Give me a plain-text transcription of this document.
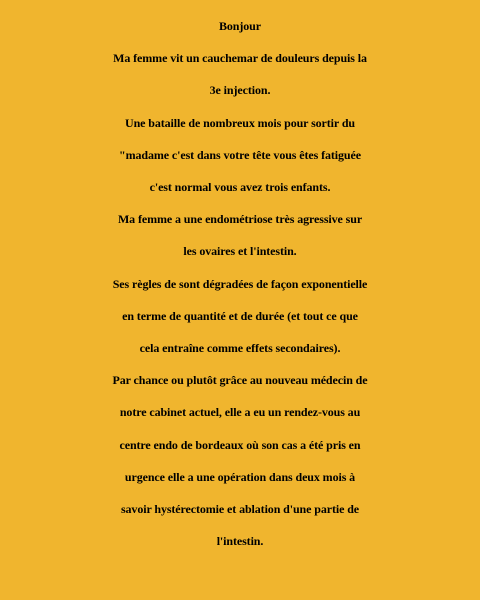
Bonjour
Ma femme vit un cauchemar de douleurs depuis la
3e injection.
Une bataille de nombreux mois pour sortir du
"madame c'est dans votre tête vous êtes fatiguée
c'est normal vous avez trois enfants.
Ma femme a une endométriose très agressive sur
les ovaires et l'intestin.
Ses règles de sont dégradées de façon exponentielle
en terme de quantité et de durée (et tout ce que
cela entraîne comme effets secondaires).
Par chance ou plutôt grâce au nouveau médecin de
notre cabinet actuel, elle a eu un rendez-vous au
centre endo de bordeaux où son cas a été pris en
urgence elle a une opération dans deux mois à
savoir hystérectomie et ablation d'une partie de
l'intestin.
